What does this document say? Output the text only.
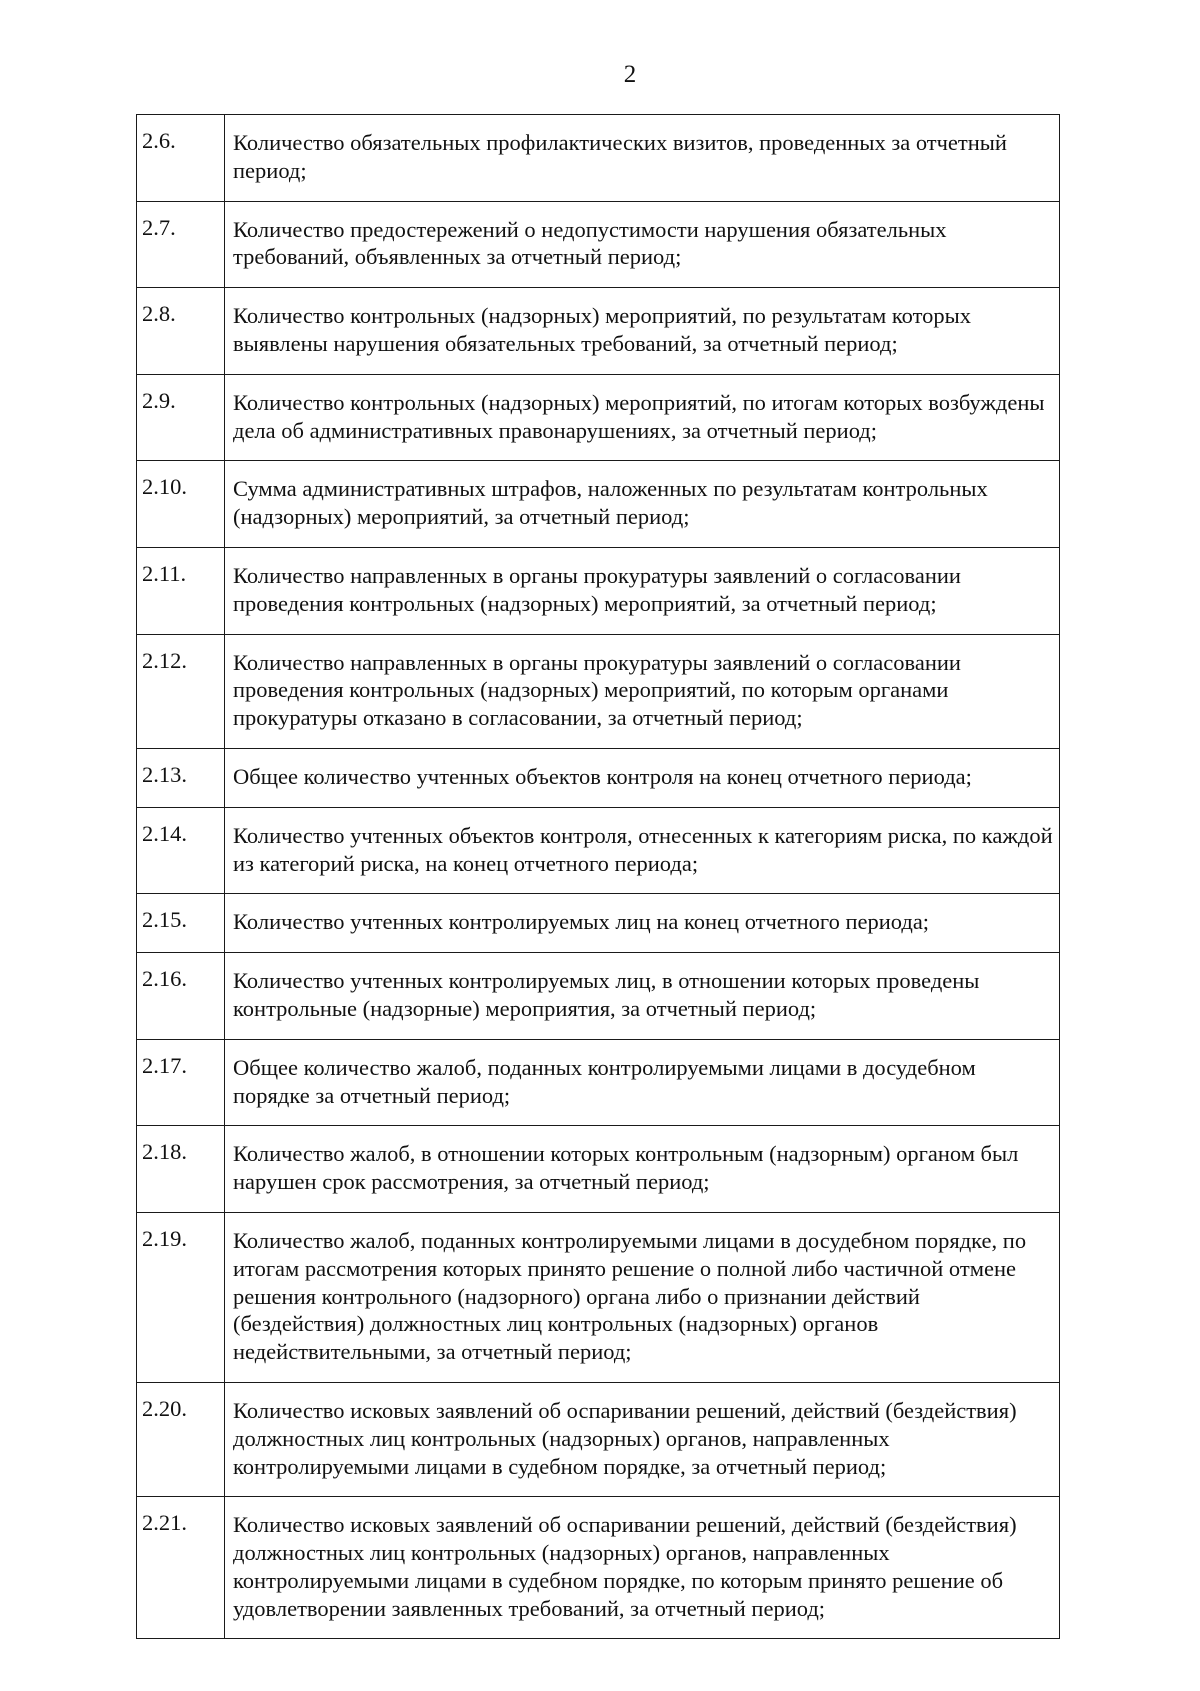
2
2.6.	Количество обязательных профилактических визитов, проведенных за отчетный период;
2.7.	Количество предостережений о недопустимости нарушения обязательных требований, объявленных за отчетный период;
2.8.	Количество контрольных (надзорных) мероприятий, по результатам которых выявлены нарушения обязательных требований, за отчетный период;
2.9.	Количество контрольных (надзорных) мероприятий, по итогам которых возбуждены дела об административных правонарушениях, за отчетный период;
2.10.	Сумма административных штрафов, наложенных по результатам контрольных (надзорных) мероприятий, за отчетный период;
2.11.	Количество направленных в органы прокуратуры заявлений о согласовании проведения контрольных (надзорных) мероприятий, за отчетный период;
2.12.	Количество направленных в органы прокуратуры заявлений о согласовании проведения контрольных (надзорных) мероприятий, по которым органами прокуратуры отказано в согласовании, за отчетный период;
2.13.	Общее количество учтенных объектов контроля на конец отчетного периода;
2.14.	Количество учтенных объектов контроля, отнесенных к категориям риска, по каждой из категорий риска, на конец отчетного периода;
2.15.	Количество учтенных контролируемых лиц на конец отчетного периода;
2.16.	Количество учтенных контролируемых лиц, в отношении которых проведены контрольные (надзорные) мероприятия, за отчетный период;
2.17.	Общее количество жалоб, поданных контролируемыми лицами в досудебном порядке за отчетный период;
2.18.	Количество жалоб, в отношении которых контрольным (надзорным) органом был нарушен срок рассмотрения, за отчетный период;
2.19.	Количество жалоб, поданных контролируемыми лицами в досудебном порядке, по итогам рассмотрения которых принято решение о полной либо частичной отмене решения контрольного (надзорного) органа либо о признании действий (бездействия) должностных лиц контрольных (надзорных) органов недействительными, за отчетный период;
2.20.	Количество исковых заявлений об оспаривании решений, действий (бездействия) должностных лиц контрольных (надзорных) органов, направленных контролируемыми лицами в судебном порядке, за отчетный период;
2.21.	Количество исковых заявлений об оспаривании решений, действий (бездействия) должностных лиц контрольных (надзорных) органов, направленных контролируемыми лицами в судебном порядке, по которым принято решение об удовлетворении заявленных требований, за отчетный период;
